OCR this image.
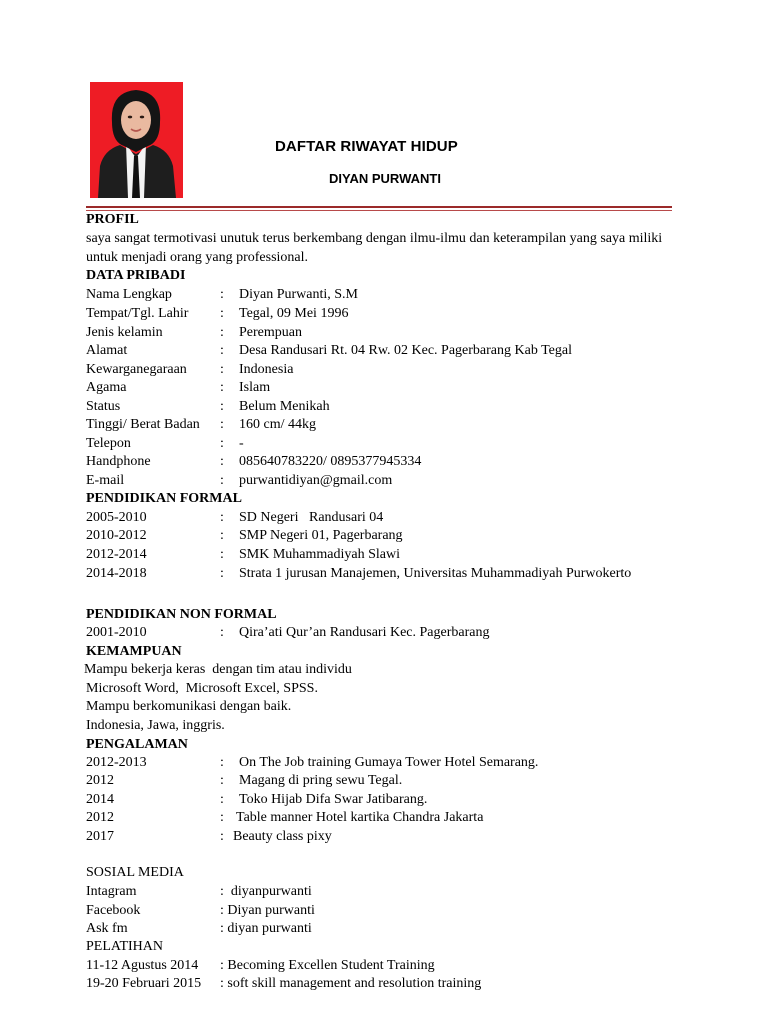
DAFTAR RIWAYAT HIDUP
DIYAN PURWANTI
PROFIL
saya sangat termotivasi unutuk terus berkembang dengan ilmu-ilmu dan keterampilan yang saya miliki
untuk menjadi orang yang professional.
DATA PRIBADI
Nama Lengkap	: Diyan Purwanti, S.M
Tempat/Tgl. Lahir : Tegal, 09 Mei 1996
Jenis kelamin	: Perempuan
Alamat	: Desa Randusari Rt. 04 Rw. 02 Kec. Pagerbarang Kab Tegal
Kewarganegaraan : Indonesia
Agama	: Islam
Status	: Belum Menikah
Tinggi/ Berat Badan : 160 cm/ 44kg
Telepon	: -
Handphone	: 085640783220/ 0895377945334
E-mail	: purwantidiyan@gmail.com
PENDIDIKAN FORMAL
2005-2010	: SD Negeri   Randusari 04
2010-2012	: SMP Negeri 01, Pagerbarang
2012-2014	: SMK Muhammadiyah Slawi
2014-2018	: Strata 1 jurusan Manajemen, Universitas Muhammadiyah Purwokerto
PENDIDIKAN NON FORMAL
2001-2010	: Qira’ati Qur’an Randusari Kec. Pagerbarang
KEMAMPUAN
Mampu bekerja keras  dengan tim atau individu
Microsoft Word,  Microsoft Excel, SPSS.
Mampu berkomunikasi dengan baik.
Indonesia, Jawa, inggris.
PENGALAMAN
2012-2013	: On The Job training Gumaya Tower Hotel Semarang.
2012	: Magang di pring sewu Tegal.
2014	: Toko Hijab Difa Swar Jatibarang.
2012	: Table manner Hotel kartika Chandra Jakarta
2017	: Beauty class pixy
SOSIAL MEDIA
Intagram	:  diyanpurwanti
Facebook	: Diyan purwanti
Ask fm	: diyan purwanti
PELATIHAN
11-12 Agustus 2014 : Becoming Excellen Student Training
19-20 Februari 2015 : soft skill management and resolution training
